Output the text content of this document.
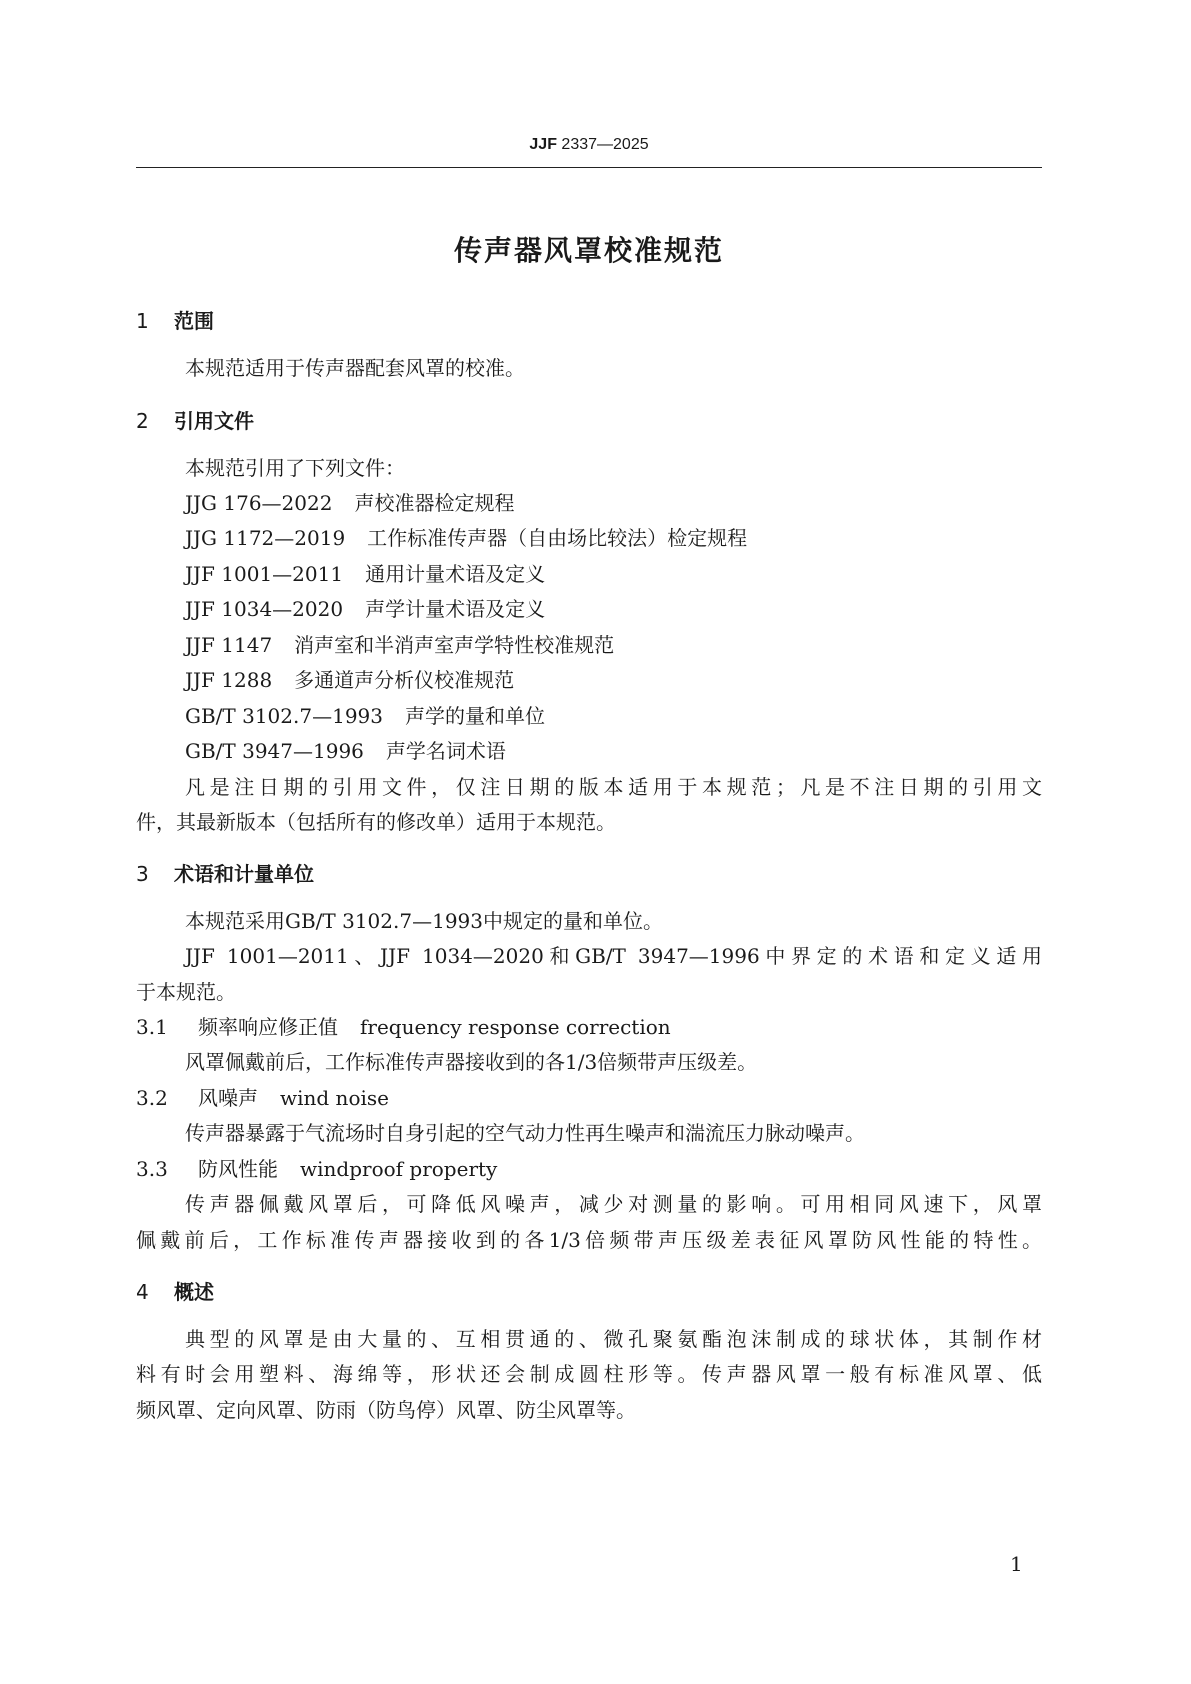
JJF 2337—2025
传声器风罩校准规范
1 范围
本规范适用于传声器配套风罩的校准。
2 引用文件
本规范引用了下列文件：
JJG 176—2022 声校准器检定规程
JJG 1172—2019 工作标准传声器（自由场比较法）检定规程
JJF 1001—2011 通用计量术语及定义
JJF 1034—2020 声学计量术语及定义
JJF 1147 消声室和半消声室声学特性校准规范
JJF 1288 多通道声分析仪校准规范
GB/T 3102.7—1993 声学的量和单位
GB/T 3947—1996 声学名词术语
凡是注日期的引用文件，仅注日期的版本适用于本规范；凡是不注日期的引用文
件，其最新版本（包括所有的修改单）适用于本规范。
3 术语和计量单位
本规范采用GB/T 3102.7—1993中规定的量和单位。
JJF 1001—2011、JJF 1034—2020和GB/T 3947—1996中界定的术语和定义适用
于本规范。
3.1 频率响应修正值 frequency response correction
风罩佩戴前后，工作标准传声器接收到的各1/3倍频带声压级差。
3.2 风噪声 wind noise
传声器暴露于气流场时自身引起的空气动力性再生噪声和湍流压力脉动噪声。
3.3 防风性能 windproof property
传声器佩戴风罩后，可降低风噪声，减少对测量的影响。可用相同风速下，风罩
佩戴前后，工作标准传声器接收到的各1/3倍频带声压级差表征风罩防风性能的特性。
4 概述
典型的风罩是由大量的、互相贯通的、微孔聚氨酯泡沫制成的球状体，其制作材
料有时会用塑料、海绵等，形状还会制成圆柱形等。传声器风罩一般有标准风罩、低
频风罩、定向风罩、防雨（防鸟停）风罩、防尘风罩等。
1
